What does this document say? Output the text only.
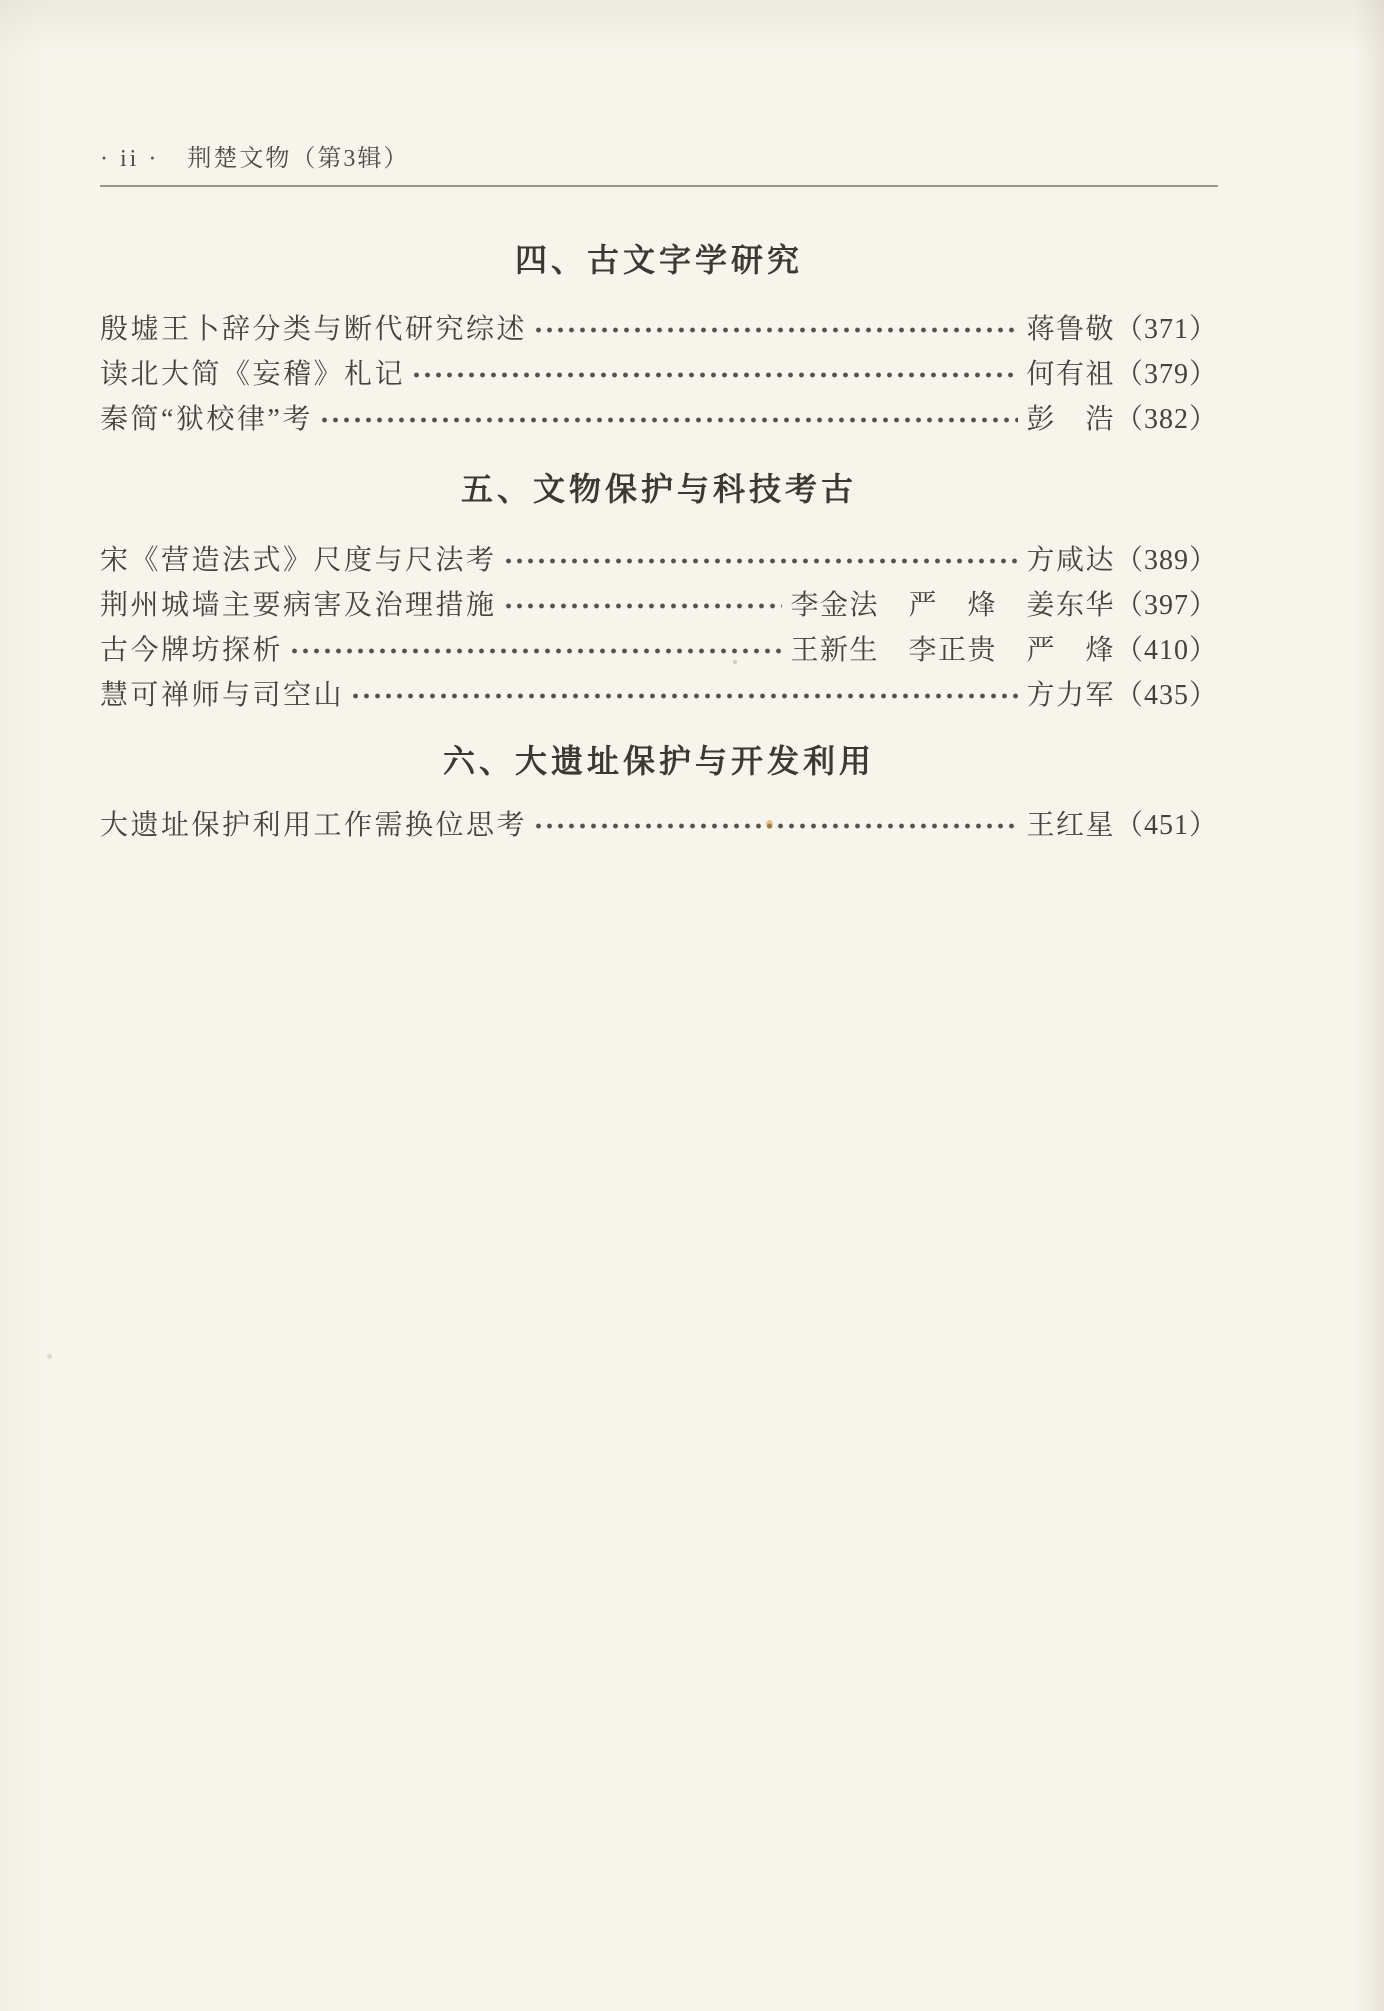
· ii · 荆楚文物（第3辑）
四、古文字学研究
殷墟王卜辞分类与断代研究综述	蒋鲁敬 （371）
读北大简《妄稽》札记	何有祖 （379）
秦简“狱校律”考	彭　浩 （382）
五、文物保护与科技考古
宋《营造法式》尺度与尺法考	方咸达 （389）
荆州城墙主要病害及治理措施	李金法　严　烽　姜东华 （397）
古今牌坊探析	王新生　李正贵　严　烽 （410）
慧可禅师与司空山	方力军 （435）
六、大遗址保护与开发利用
大遗址保护利用工作需换位思考	王红星 （451）
